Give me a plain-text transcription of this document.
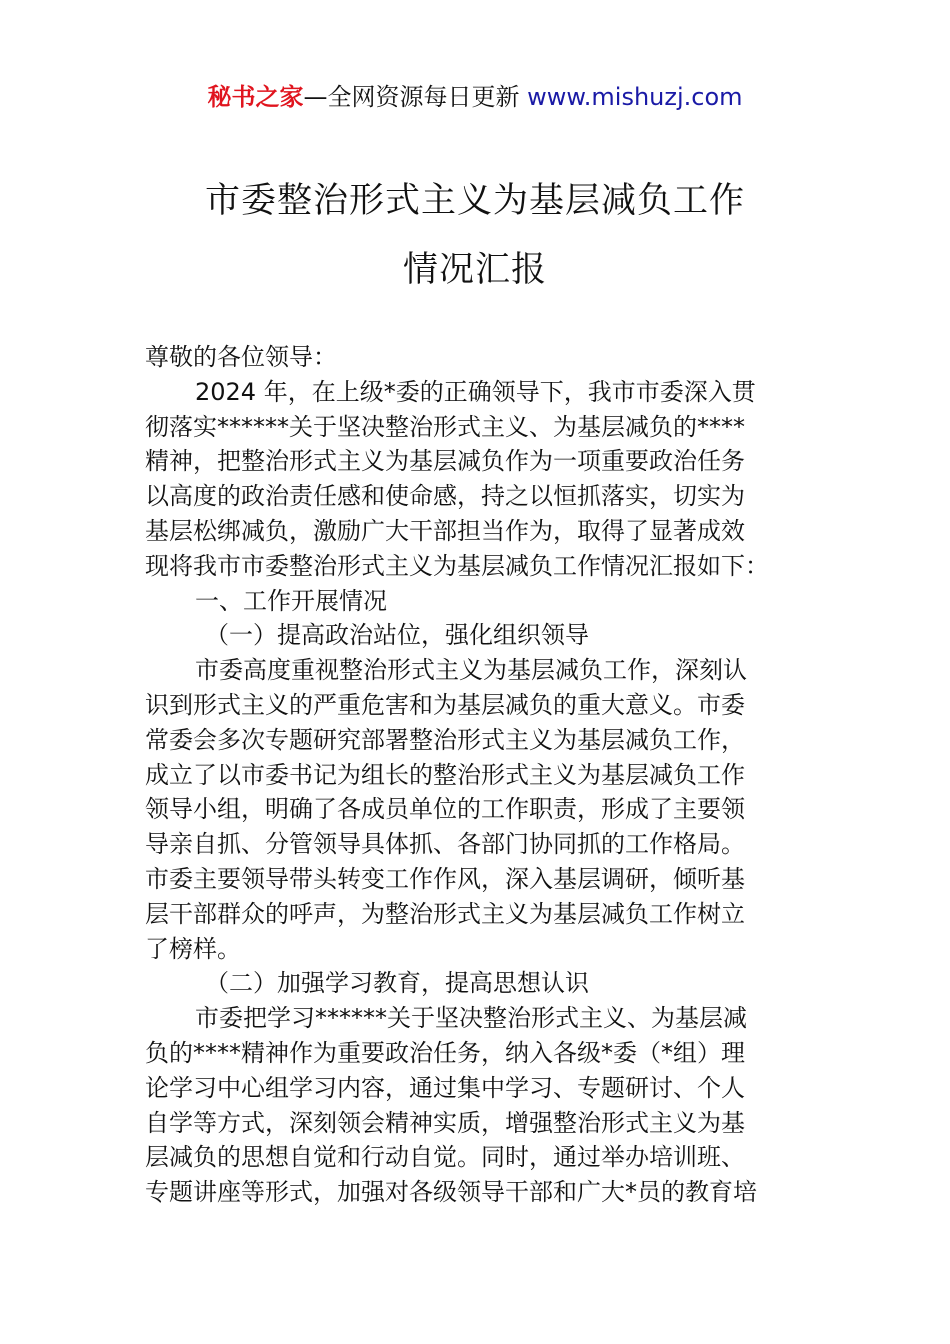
秘书之家—全网资源每日更新 www.mishuzj.com
市委整治形式主义为基层减负工作
情况汇报
尊敬的各位领导：
2024 年，在上级*委的正确领导下，我市市委深入贯
彻落实******关于坚决整治形式主义、为基层减负的****
精神，把整治形式主义为基层减负作为一项重要政治任务
以高度的政治责任感和使命感，持之以恒抓落实，切实为
基层松绑减负，激励广大干部担当作为，取得了显著成效
现将我市市委整治形式主义为基层减负工作情况汇报如下：
一、工作开展情况
（一）提高政治站位，强化组织领导
市委高度重视整治形式主义为基层减负工作，深刻认
识到形式主义的严重危害和为基层减负的重大意义。市委
常委会多次专题研究部署整治形式主义为基层减负工作，
成立了以市委书记为组长的整治形式主义为基层减负工作
领导小组，明确了各成员单位的工作职责，形成了主要领
导亲自抓、分管领导具体抓、各部门协同抓的工作格局。
市委主要领导带头转变工作作风，深入基层调研，倾听基
层干部群众的呼声，为整治形式主义为基层减负工作树立
了榜样。
（二）加强学习教育，提高思想认识
市委把学习******关于坚决整治形式主义、为基层减
负的****精神作为重要政治任务，纳入各级*委（*组）理
论学习中心组学习内容，通过集中学习、专题研讨、个人
自学等方式，深刻领会精神实质，增强整治形式主义为基
层减负的思想自觉和行动自觉。同时，通过举办培训班、
专题讲座等形式，加强对各级领导干部和广大*员的教育培
